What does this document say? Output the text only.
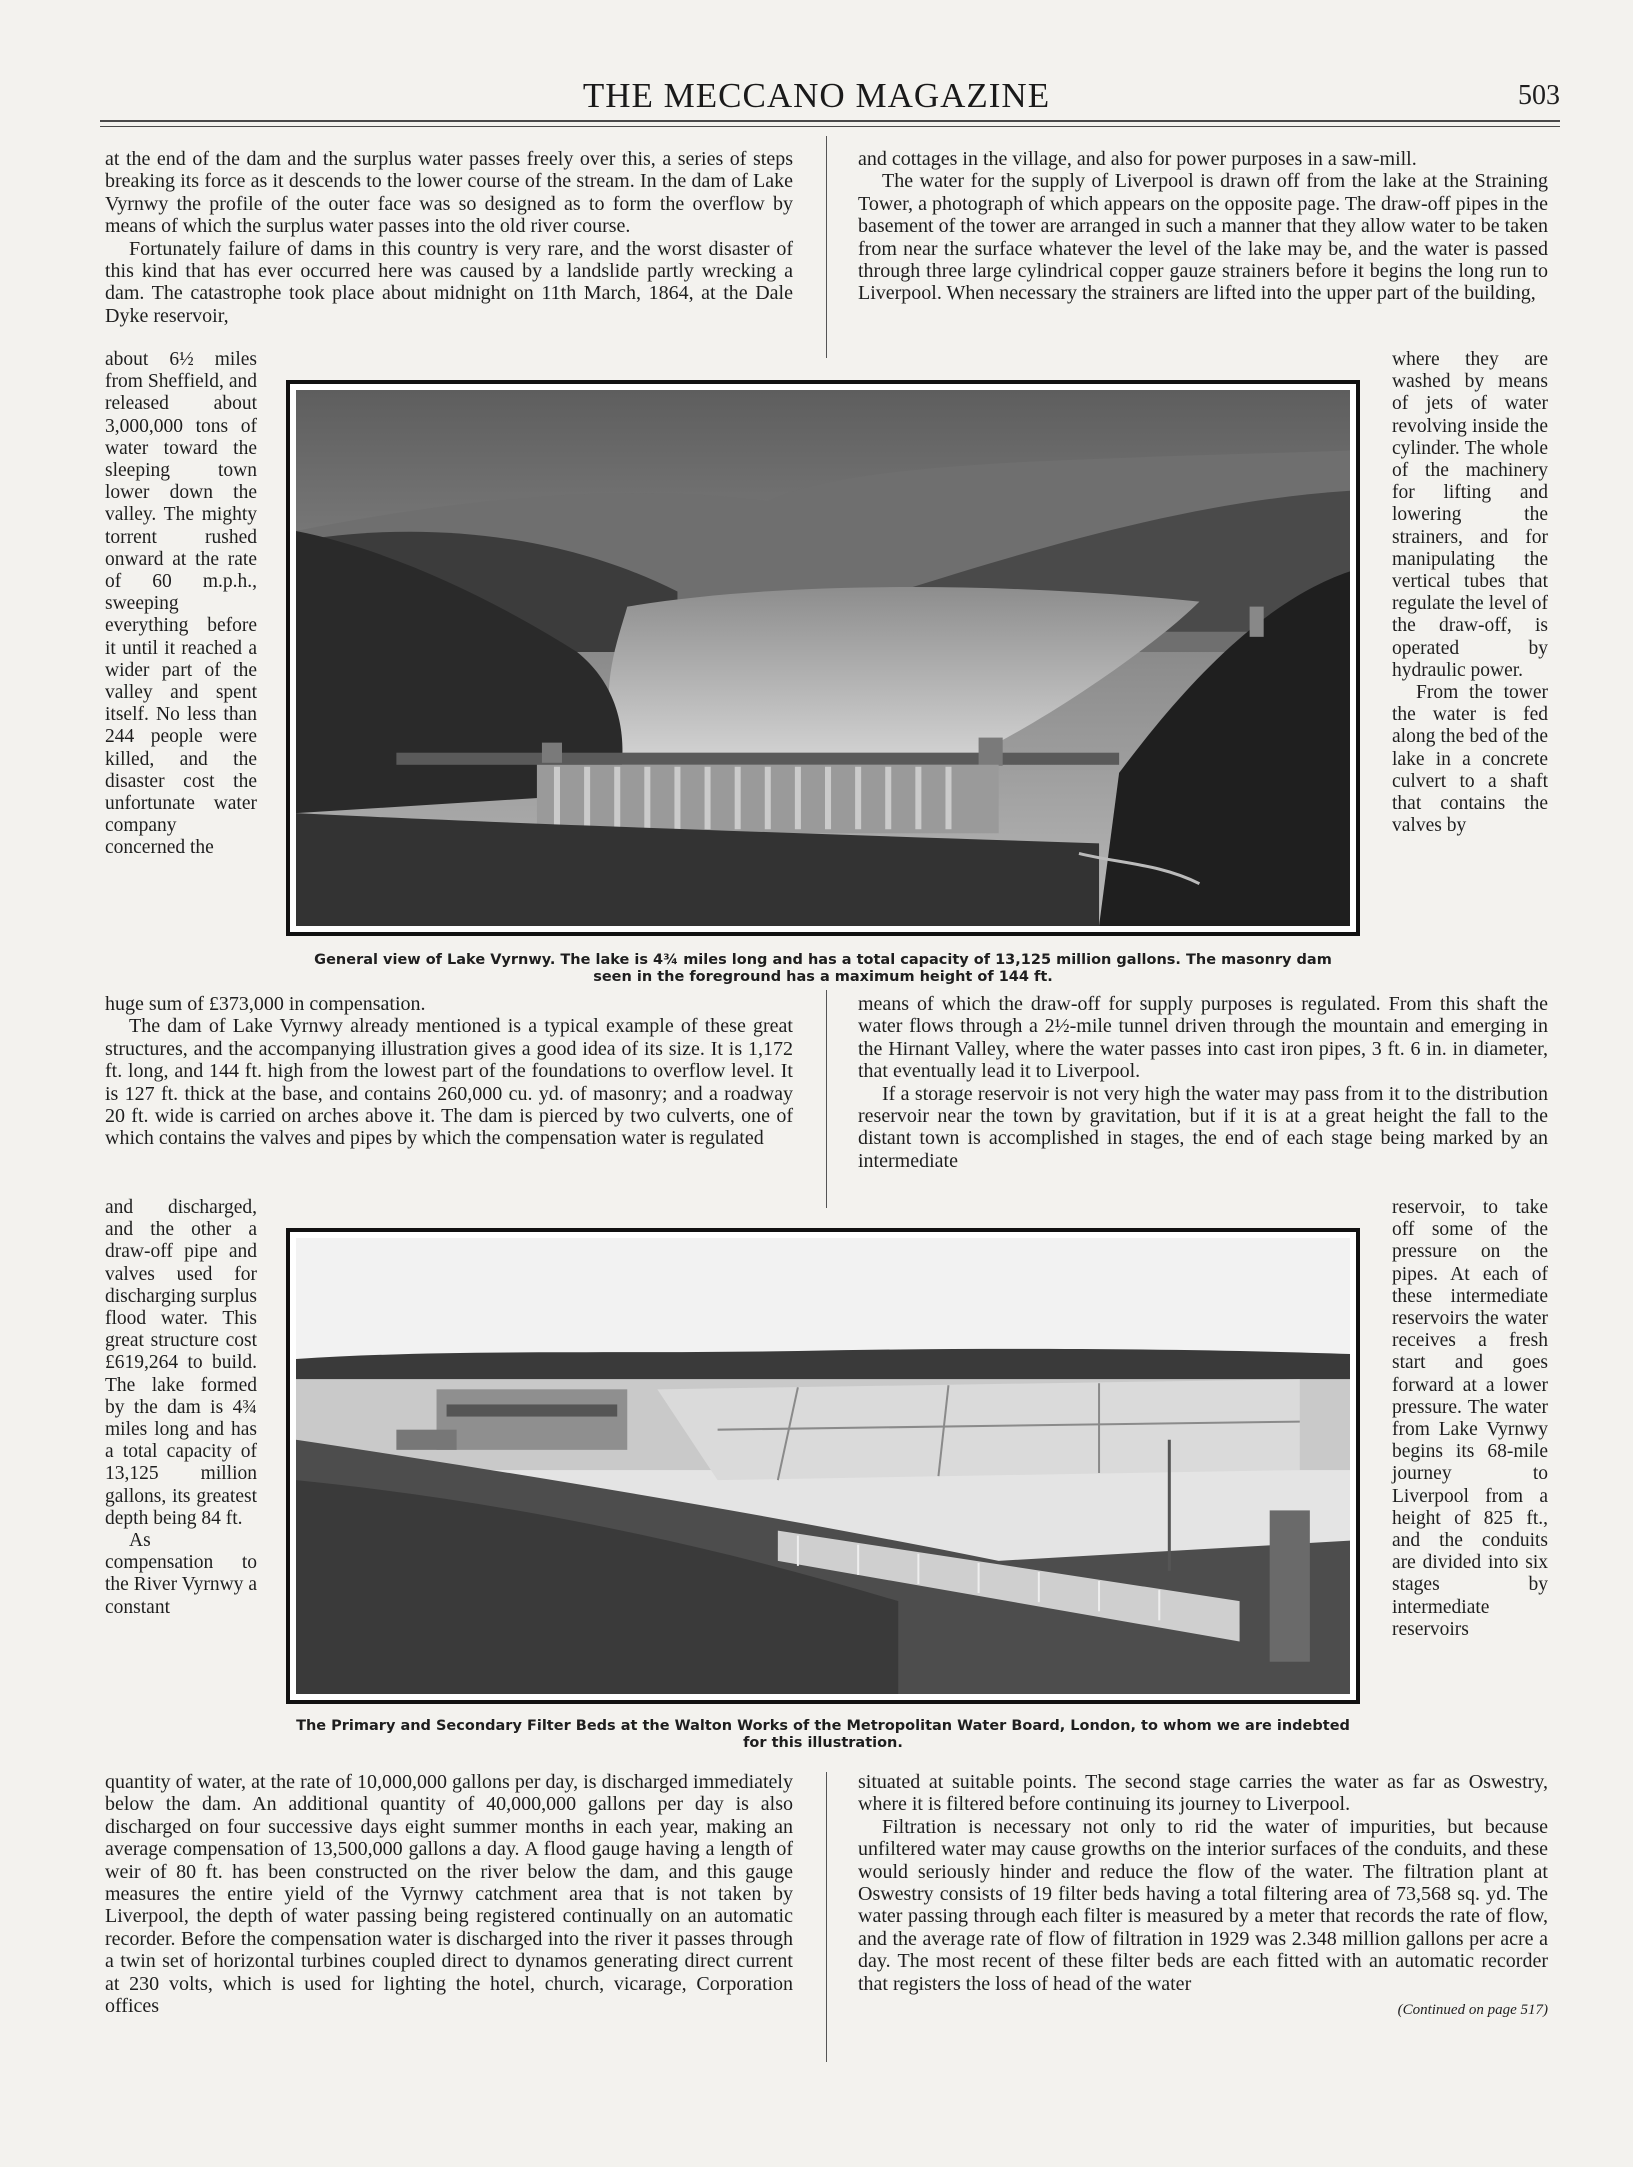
THE MECCANO MAGAZINE	503

at the end of the dam and the surplus water passes freely over this, a series of steps breaking its force as it descends to the lower course of the stream. In the dam of Lake Vyrnwy the profile of the outer face was so designed as to form the overflow by means of which the surplus water passes into the old river course.

Fortunately failure of dams in this country is very rare, and the worst disaster of this kind that has ever occurred here was caused by a landslide partly wrecking a dam. The catastrophe took place about midnight on 11th March, 1864, at the Dale Dyke reservoir,

about 6½ miles from Sheffield, and released about 3,000,000 tons of water toward the sleeping town lower down the valley. The mighty torrent rushed onward at the rate of 60 m.p.h., sweeping everything before it until it reached a wider part of the valley and spent itself. No less than 244 people were killed, and the disaster cost the unfortunate water company concerned the

and cottages in the village, and also for power purposes in a saw-mill.

The water for the supply of Liverpool is drawn off from the lake at the Straining Tower, a photograph of which appears on the opposite page. The draw-off pipes in the basement of the tower are arranged in such a manner that they allow water to be taken from near the surface whatever the level of the lake may be, and the water is passed through three large cylindrical copper gauze strainers before it begins the long run to Liverpool. When necessary the strainers are lifted into the upper part of the building,

where they are washed by means of jets of water revolving inside the cylinder. The whole of the machinery for lifting and lowering the strainers, and for manipulating the vertical tubes that regulate the level of the draw-off, is operated by hydraulic power.

From the tower the water is fed along the bed of the lake in a concrete culvert to a shaft that contains the valves by

General view of Lake Vyrnwy. The lake is 4¾ miles long and has a total capacity of 13,125 million gallons. The masonry dam
seen in the foreground has a maximum height of 144 ft.

huge sum of £373,000 in compensation.

The dam of Lake Vyrnwy already mentioned is a typical example of these great structures, and the accompanying illustration gives a good idea of its size. It is 1,172 ft. long, and 144 ft. high from the lowest part of the foundations to overflow level. It is 127 ft. thick at the base, and contains 260,000 cu. yd. of masonry; and a roadway 20 ft. wide is carried on arches above it. The dam is pierced by two culverts, one of which contains the valves and pipes by which the compensation water is regulated

means of which the draw-off for supply purposes is regulated. From this shaft the water flows through a 2½-mile tunnel driven through the mountain and emerging in the Hirnant Valley, where the water passes into cast iron pipes, 3 ft. 6 in. in diameter, that eventually lead it to Liverpool.

If a storage reservoir is not very high the water may pass from it to the distribution reservoir near the town by gravitation, but if it is at a great height the fall to the distant town is accomplished in stages, the end of each stage being marked by an intermediate

and discharged, and the other a draw-off pipe and valves used for discharging surplus flood water. This great structure cost £619,264 to build. The lake formed by the dam is 4¾ miles long and has a total capacity of 13,125 million gallons, its greatest depth being 84 ft.

As compensation to the River Vyrnwy a constant

reservoir, to take off some of the pressure on the pipes. At each of these intermediate reservoirs the water receives a fresh start and goes forward at a lower pressure. The water from Lake Vyrnwy begins its 68-mile journey to Liverpool from a height of 825 ft., and the conduits are divided into six stages by intermediate reservoirs

The Primary and Secondary Filter Beds at the Walton Works of the Metropolitan Water Board, London, to whom we are indebted
for this illustration.

quantity of water, at the rate of 10,000,000 gallons per day, is discharged immediately below the dam. An additional quantity of 40,000,000 gallons per day is also discharged on four successive days eight summer months in each year, making an average compensation of 13,500,000 gallons a day. A flood gauge having a length of weir of 80 ft. has been constructed on the river below the dam, and this gauge measures the entire yield of the Vyrnwy catchment area that is not taken by Liverpool, the depth of water passing being registered continually on an automatic recorder. Before the compensation water is discharged into the river it passes through a twin set of horizontal turbines coupled direct to dynamos generating direct current at 230 volts, which is used for lighting the hotel, church, vicarage, Corporation offices

situated at suitable points. The second stage carries the water as far as Oswestry, where it is filtered before continuing its journey to Liverpool.

Filtration is necessary not only to rid the water of impurities, but because unfiltered water may cause growths on the interior surfaces of the conduits, and these would seriously hinder and reduce the flow of the water. The filtration plant at Oswestry consists of 19 filter beds having a total filtering area of 73,568 sq. yd. The water passing through each filter is measured by a meter that records the rate of flow, and the average rate of flow of filtration in 1929 was 2.348 million gallons per acre a day. The most recent of these filter beds are each fitted with an automatic recorder that registers the loss of head of the water

(Continued on page 517)
